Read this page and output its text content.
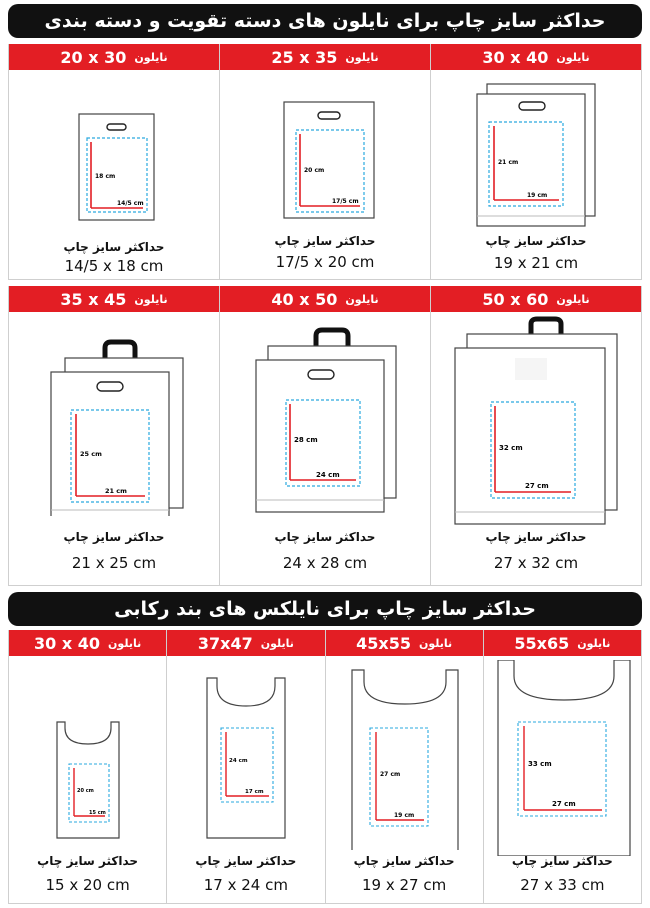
حداکثر سایز چاپ برای نایلون های دسته تقویت و دسته بندی
نایلون
20 x 30
18 cm
14/5 cm
حداکثر سایز چاپ
14/5 x 18 cm
نایلون
25 x 35
20 cm
17/5 cm
حداکثر سایز چاپ
17/5 x 20 cm
نایلون
30 x 40
21 cm
19 cm
حداکثر سایز چاپ
19 x 21 cm
نایلون
35 x 45
25 cm
21 cm
حداکثر سایز چاپ
21 x 25 cm
نایلون
40 x 50
28 cm
24 cm
حداکثر سایز چاپ
24 x 28 cm
نایلون
50 x 60
32 cm
27 cm
حداکثر سایز چاپ
27 x 32 cm
حداکثر سایز چاپ برای نایلکس های بند رکابی
نایلون
30 x 40
20 cm
15 cm
حداکثر سایز چاپ
15 x 20 cm
نایلون
37x47
24 cm
17 cm
حداکثر سایز چاپ
17 x 24 cm
نایلون
45x55
27 cm
19 cm
حداکثر سایز چاپ
19 x 27 cm
نایلون
55x65
33 cm
27 cm
حداکثر سایز چاپ
27 x 33 cm
